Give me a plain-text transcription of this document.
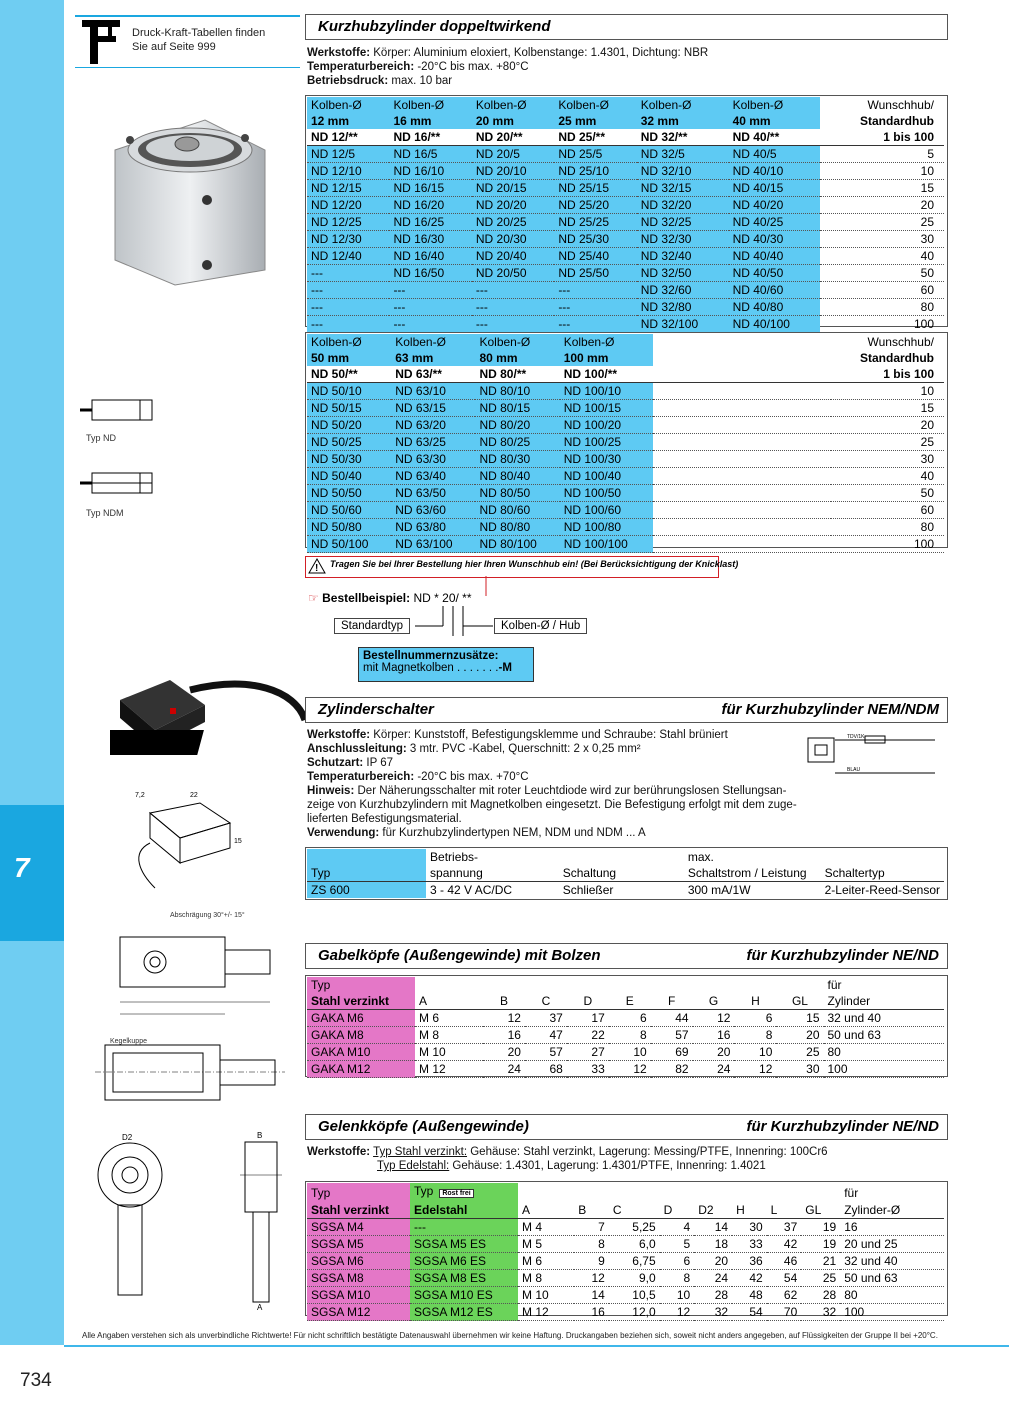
7
Druck-Kraft-Tabellen finden
Sie auf Seite 999
Kurzhubzylinder doppeltwirkend
Werkstoffe: Körper: Aluminium eloxiert, Kolbenstange: 1.4301, Dichtung: NBR
Temperaturbereich: -20°C bis max. +80°C
Betriebsdruck: max. 10 bar
Typ ND
Typ NDM
Kolben-Ø	Kolben-Ø	Kolben-Ø	Kolben-Ø	Kolben-Ø	Kolben-Ø	Wunschhub/
12 mm	16 mm	20 mm	25 mm	32 mm	40 mm	Standardhub
ND 12/**	ND 16/**	ND 20/**	ND 25/**	ND 32/**	ND 40/**	1 bis 100
ND 12/5	ND 16/5	ND 20/5	ND 25/5	ND 32/5	ND 40/5	5
ND 12/10	ND 16/10	ND 20/10	ND 25/10	ND 32/10	ND 40/10	10
ND 12/15	ND 16/15	ND 20/15	ND 25/15	ND 32/15	ND 40/15	15
ND 12/20	ND 16/20	ND 20/20	ND 25/20	ND 32/20	ND 40/20	20
ND 12/25	ND 16/25	ND 20/25	ND 25/25	ND 32/25	ND 40/25	25
ND 12/30	ND 16/30	ND 20/30	ND 25/30	ND 32/30	ND 40/30	30
ND 12/40	ND 16/40	ND 20/40	ND 25/40	ND 32/40	ND 40/40	40
---	ND 16/50	ND 20/50	ND 25/50	ND 32/50	ND 40/50	50
---	---	---	---	ND 32/60	ND 40/60	60
---	---	---	---	ND 32/80	ND 40/80	80
---	---	---	---	ND 32/100	ND 40/100	100
Kolben-Ø	Kolben-Ø	Kolben-Ø	Kolben-Ø		Wunschhub/
50 mm	63 mm	80 mm	100 mm		Standardhub
ND 50/**	ND 63/**	ND 80/**	ND 100/**		1 bis 100
ND 50/10	ND 63/10	ND 80/10	ND 100/10		10
ND 50/15	ND 63/15	ND 80/15	ND 100/15		15
ND 50/20	ND 63/20	ND 80/20	ND 100/20		20
ND 50/25	ND 63/25	ND 80/25	ND 100/25		25
ND 50/30	ND 63/30	ND 80/30	ND 100/30		30
ND 50/40	ND 63/40	ND 80/40	ND 100/40		40
ND 50/50	ND 63/50	ND 80/50	ND 100/50		50
ND 50/60	ND 63/60	ND 80/60	ND 100/60		60
ND 50/80	ND 63/80	ND 80/80	ND 100/80		80
ND 50/100	ND 63/100	ND 80/100	ND 100/100		100
! Tragen Sie bei Ihrer Bestellung hier Ihren Wunschhub ein! (Bei Berücksichtigung der Knicklast)
☞ Bestellbeispiel: ND * 20/ **
Standardtyp	Kolben-Ø / Hub
Bestellnummernzusätze:
mit Magnetkolben . . . . . . .-M
Zylinderschalter	für Kurzhubzylinder NEM/NDM
Werkstoffe: Körper: Kunststoff, Befestigungsklemme und Schraube: Stahl brüniert
Anschlussleitung: 3 mtr. PVC -Kabel, Querschnitt: 2 x 0,25 mm²
Schutzart: IP 67
Temperaturbereich: -20°C bis max. +70°C
Hinweis: Der Näherungsschalter mit roter Leuchtdiode wird zur berührungslosen Stellungsan-
zeige von Kurzhubzylindern mit Magnetkolben eingesetzt. Die Befestigung erfolgt mit dem zuge-
lieferten Befestigungsmaterial.
Verwendung: für Kurzhubzylindertypen NEM, NDM und NDM ... A
TDV/1K
BLAU
22
7,2
15
	Betriebs-		max.	
Typ	spannung	Schaltung	Schaltstrom / Leistung	Schaltertyp
ZS 600	3 - 42 V AC/DC	Schließer	300 mA/1W	2-Leiter-Reed-Sensor
Gabelköpfe (Außengewinde) mit Bolzen	für Kurzhubzylinder NE/ND
Abschrägung 30°+/- 15°
Kegelkuppe
Typ										für
Stahl verzinkt	A	B	C	D	E	F	G	H	GL	Zylinder
GAKA M6	M 6	12	37	17	6	44	12	6	15	32 und 40
GAKA M8	M 8	16	47	22	8	57	16	8	20	50 und 63
GAKA M10	M 10	20	57	27	10	69	20	10	25	80
GAKA M12	M 12	24	68	33	12	82	24	12	30	100
Gelenkköpfe (Außengewinde)	für Kurzhubzylinder NE/ND
Werkstoffe: Typ Stahl verzinkt: Gehäuse: Stahl verzinkt, Lagerung: Messing/PTFE, Innenring: 100Cr6
Typ Edelstahl: Gehäuse: 1.4301, Lagerung: 1.4301/PTFE, Innenring: 1.4021
D2	B
A
Typ	Typ Rost frei									für
Stahl verzinkt	Edelstahl	A	B	C	D	D2	H	L	GL	Zylinder-Ø
SGSA M4	---	M 4	7	5,25	4	14	30	37	19	16
SGSA M5	SGSA M5 ES	M 5	8	6,0	5	18	33	42	19	20 und 25
SGSA M6	SGSA M6 ES	M 6	9	6,75	6	20	36	46	21	32 und 40
SGSA M8	SGSA M8 ES	M 8	12	9,0	8	24	42	54	25	50 und 63
SGSA M10	SGSA M10 ES	M 10	14	10,5	10	28	48	62	28	80
SGSA M12	SGSA M12 ES	M 12	16	12,0	12	32	54	70	32	100
Alle Angaben verstehen sich als unverbindliche Richtwerte! Für nicht schriftlich bestätigte Datenauswahl übernehmen wir keine Haftung. Druckangaben beziehen sich, soweit nicht anders angegeben, auf Flüssigkeiten der Gruppe II bei +20°C.
734
